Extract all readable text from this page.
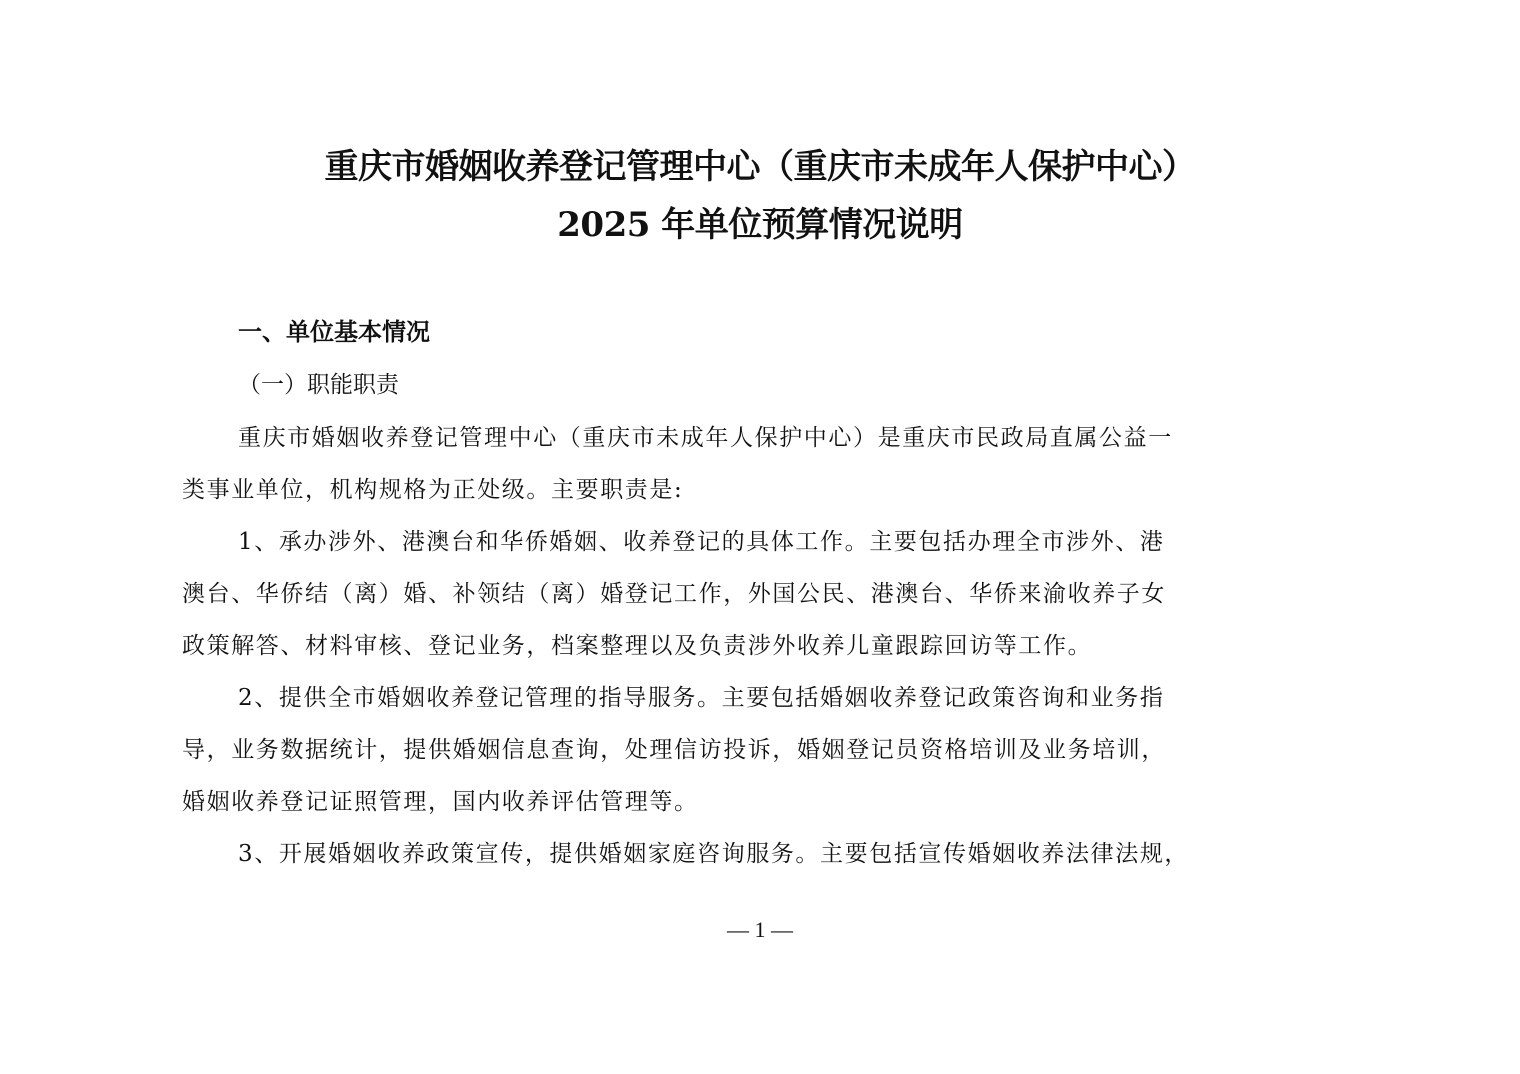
重庆市婚姻收养登记管理中心（重庆市未成年人保护中心）
2025 年单位预算情况说明
一、单位基本情况
（一）职能职责
重庆市婚姻收养登记管理中心（重庆市未成年人保护中心）是重庆市民政局直属公益一
类事业单位，机构规格为正处级。主要职责是:
1、承办涉外、港澳台和华侨婚姻、收养登记的具体工作。主要包括办理全市涉外、港
澳台、华侨结（离）婚、补领结（离）婚登记工作，外国公民、港澳台、华侨来渝收养子女
政策解答、材料审核、登记业务，档案整理以及负责涉外收养儿童跟踪回访等工作。
2、提供全市婚姻收养登记管理的指导服务。主要包括婚姻收养登记政策咨询和业务指
导，业务数据统计，提供婚姻信息查询，处理信访投诉，婚姻登记员资格培训及业务培训，
婚姻收养登记证照管理，国内收养评估管理等。
3、开展婚姻收养政策宣传，提供婚姻家庭咨询服务。主要包括宣传婚姻收养法律法规，
— 1 —
